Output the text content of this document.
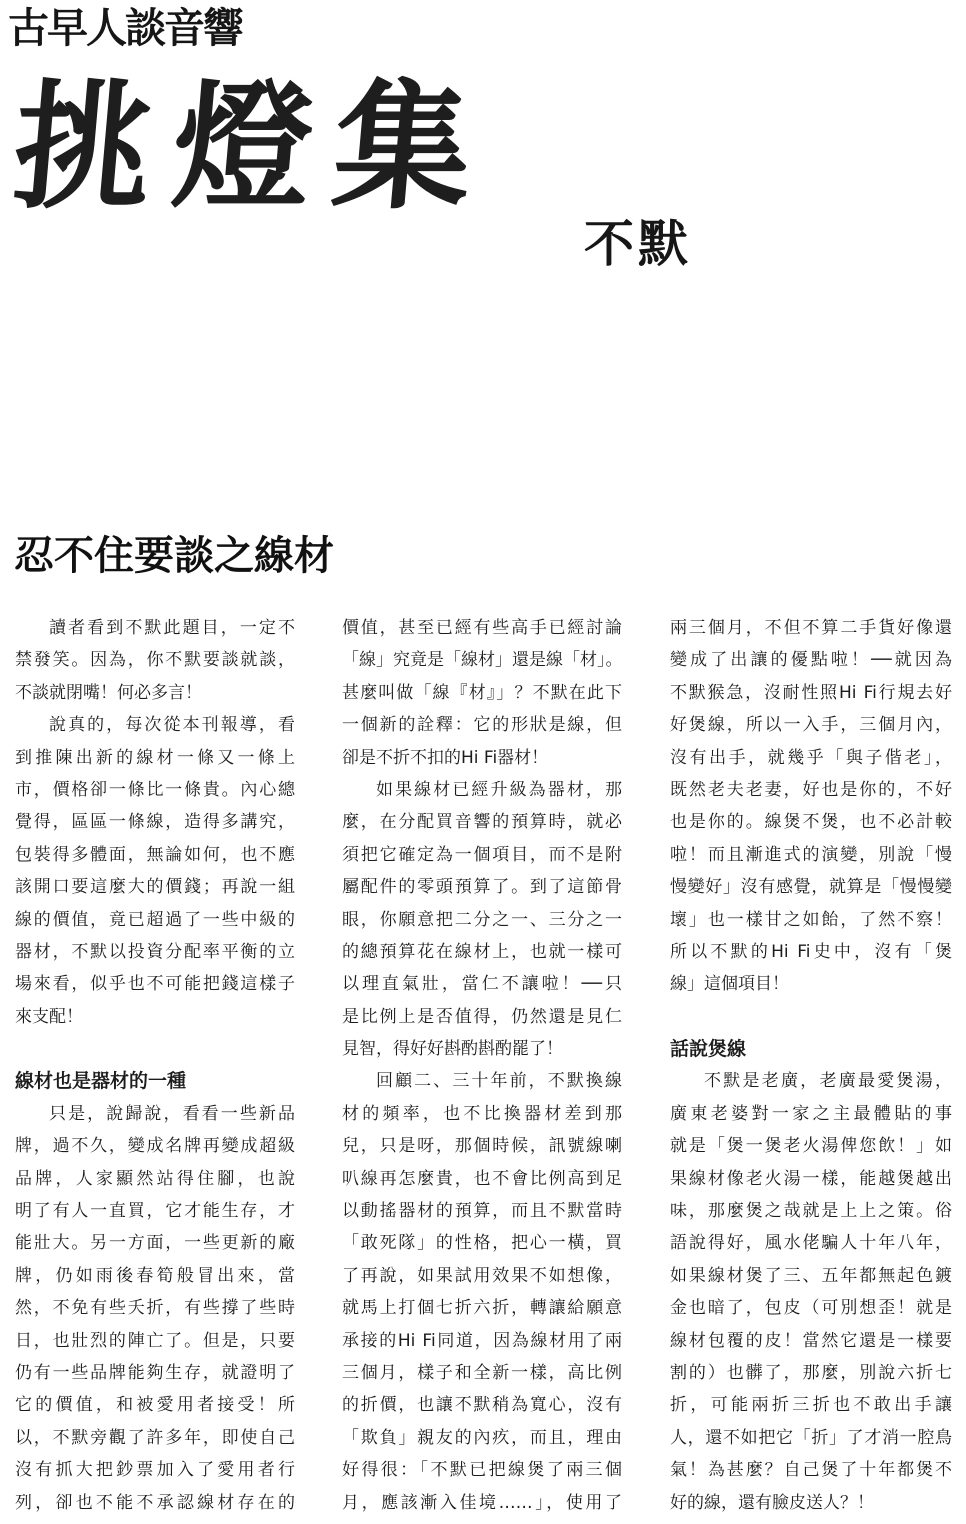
古早人談音響
挑燈集
不默
忍不住要談之線材
讀者看到不默此題目，一定不
禁發笑。因為，你不默要談就談，
不談就閉嘴！何必多言！
說真的，每次從本刊報導，看
到推陳出新的線材一條又一條上
市，價格卻一條比一條貴。內心總
覺得，區區一條線，造得多講究，
包裝得多體面，無論如何，也不應
該開口要這麼大的價錢；再說一組
線的價值，竟已超過了一些中級的
器材，不默以投資分配率平衡的立
場來看，似乎也不可能把錢這樣子
來支配！
線材也是器材的一種
只是，說歸說，看看一些新品
牌，過不久，變成名牌再變成超級
品牌，人家顯然站得住腳，也說
明了有人一直買，它才能生存，才
能壯大。另一方面，一些更新的廠
牌，仍如雨後春筍般冒出來，當
然，不免有些夭折，有些撐了些時
日，也壯烈的陣亡了。但是，只要
仍有一些品牌能夠生存，就證明了
它的價值，和被愛用者接受！所
以，不默旁觀了許多年，即使自己
沒有抓大把鈔票加入了愛用者行
列，卻也不能不承認線材存在的
價值，甚至已經有些高手已經討論
「線」究竟是「線材」還是線「材」。
甚麼叫做「線『材』」？不默在此下
一個新的詮釋：它的形狀是線，但
卻是不折不扣的Hi Fi器材！
如果線材已經升級為器材，那
麼，在分配買音響的預算時，就必
須把它確定為一個項目，而不是附
屬配件的零頭預算了。到了這節骨
眼，你願意把二分之一、三分之一
的總預算花在線材上，也就一樣可
以理直氣壯，當仁不讓啦！──只
是比例上是否值得，仍然還是見仁
見智，得好好斟酌斟酌罷了！
回顧二、三十年前，不默換線
材的頻率，也不比換器材差到那
兒，只是呀，那個時候，訊號線喇
叭線再怎麼貴，也不會比例高到足
以動搖器材的預算，而且不默當時
「敢死隊」的性格，把心一橫，買
了再說，如果試用效果不如想像，
就馬上打個七折六折，轉讓給願意
承接的Hi Fi同道，因為線材用了兩
三個月，樣子和全新一樣，高比例
的折價，也讓不默稍為寬心，沒有
「欺負」親友的內疚，而且，理由
好得很：「不默已把線煲了兩三個
月，應該漸入佳境……」，使用了
兩三個月，不但不算二手貨好像還
變成了出讓的優點啦！──就因為
不默猴急，沒耐性照Hi Fi行規去好
好煲線，所以一入手，三個月內，
沒有出手，就幾乎「與子偕老」，
既然老夫老妻，好也是你的，不好
也是你的。線煲不煲，也不必計較
啦！而且漸進式的演變，別說「慢
慢變好」沒有感覺，就算是「慢慢變
壞」也一樣甘之如飴，了然不察！
所以不默的Hi Fi史中，沒有「煲
線」這個項目！
話說煲線
不默是老廣，老廣最愛煲湯，
廣東老婆對一家之主最體貼的事
就是「煲一煲老火湯俾您飲！」如
果線材像老火湯一樣，能越煲越出
味，那麼煲之哉就是上上之策。俗
語說得好，風水佬騙人十年八年，
如果線材煲了三、五年都無起色鍍
金也暗了，包皮（可別想歪！就是
線材包覆的皮！當然它還是一樣要
割的）也髒了，那麼，別說六折七
折，可能兩折三折也不敢出手讓
人，還不如把它「折」了才消一腔鳥
氣！為甚麼？自己煲了十年都煲不
好的線，還有臉皮送人？！
